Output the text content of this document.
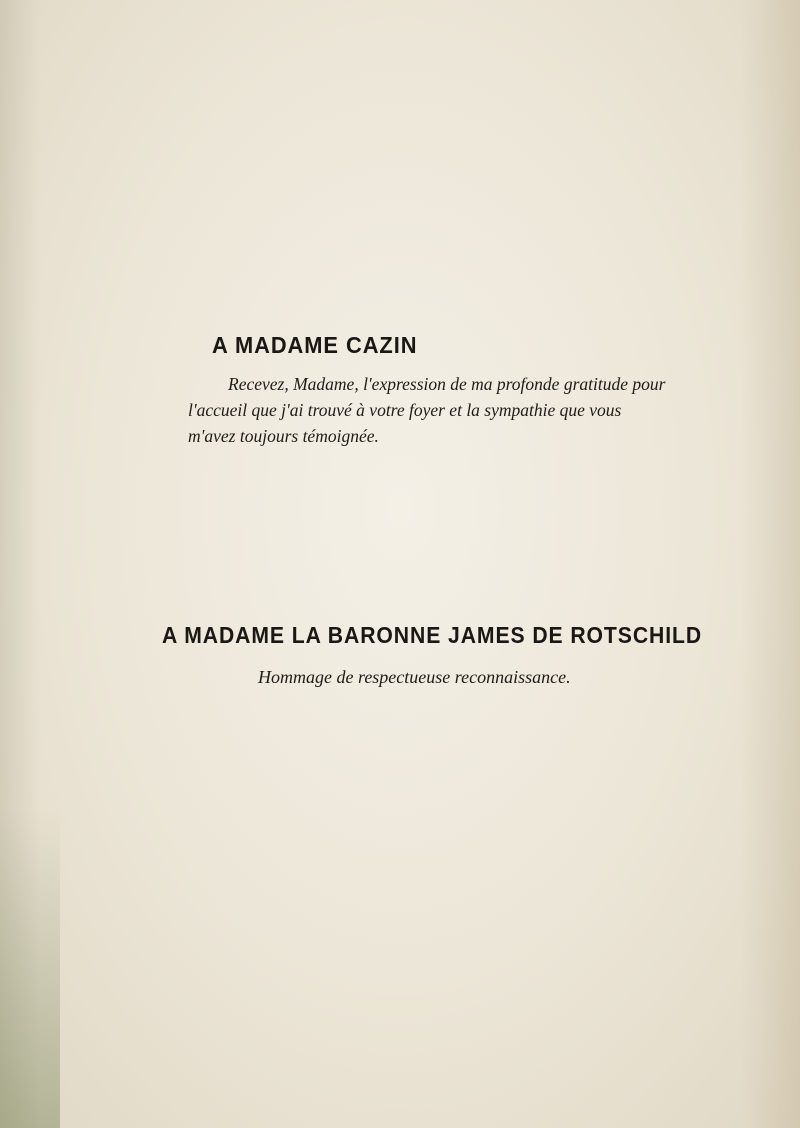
A MADAME CAZIN
Recevez, Madame, l'expression de ma profonde gratitude pour
l'accueil que j'ai trouvé à votre foyer et la sympathie que vous
m'avez toujours témoignée.
A MADAME LA BARONNE JAMES DE ROTSCHILD
Hommage de respectueuse reconnaissance.
